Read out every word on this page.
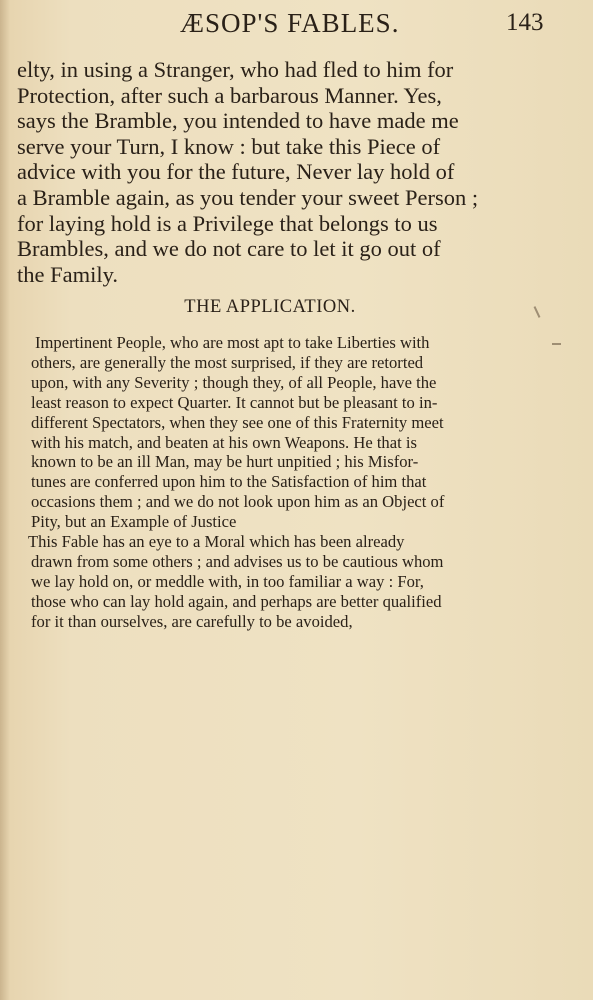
ÆSOP'S FABLES.	143
elty, in using a Stranger, who had fled to him for
Protection, after such a barbarous Manner. Yes,
says the Bramble, you intended to have made me
serve your Turn, I know : but take this Piece of
advice with you for the future, Never lay hold of
a Bramble again, as you tender your sweet Person ;
for laying hold is a Privilege that belongs to us
Brambles, and we do not care to let it go out of
the Family.
THE APPLICATION.
Impertinent People, who are most apt to take Liberties with
others, are generally the most surprised, if they are retorted
upon, with any Severity ; though they, of all People, have the
least reason to expect Quarter. It cannot but be pleasant to in-
different Spectators, when they see one of this Fraternity meet
with his match, and beaten at his own Weapons. He that is
known to be an ill Man, may be hurt unpitied ; his Misfor-
tunes are conferred upon him to the Satisfaction of him that
occasions them ; and we do not look upon him as an Object of
Pity, but an Example of Justice
This Fable has an eye to a Moral which has been already
drawn from some others ; and advises us to be cautious whom
we lay hold on, or meddle with, in too familiar a way : For,
those who can lay hold again, and perhaps are better qualified
for it than ourselves, are carefully to be avoided,
